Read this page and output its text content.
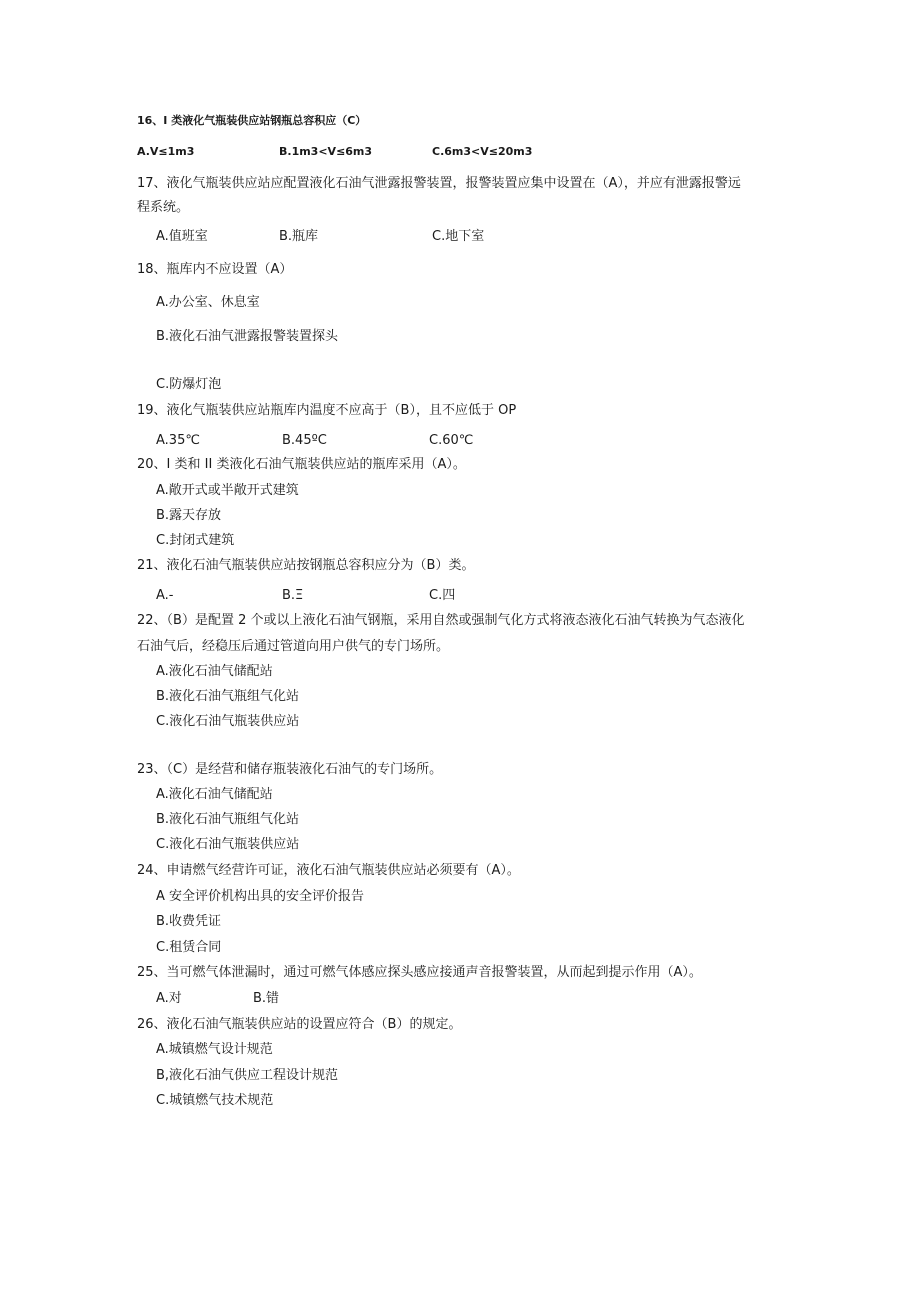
16、I 类液化气瓶装供应站钢瓶总容积应（C）
A.V≤1m3	B.1m3<V≤6m3	C.6m3<V≤20m3
17、液化气瓶装供应站应配置液化石油气泄露报警装置，报警装置应集中设置在（A），并应有泄露报警远
程系统。
A.值班室	B.瓶库	C.地下室
18、瓶库内不应设置（A）
A.办公室、休息室
B.液化石油气泄露报警装置探头
C.防爆灯泡
19、液化气瓶装供应站瓶库内温度不应高于（B），且不应低于 OP
A.35℃	B.45ºC	C.60℃
20、I 类和 II 类液化石油气瓶装供应站的瓶库采用（A）。
A.敞开式或半敞开式建筑
B.露天存放
C.封闭式建筑
21、液化石油气瓶装供应站按钢瓶总容积应分为（B）类。
A.-	B.Ξ	C.四
22、（B）是配置 2 个或以上液化石油气钢瓶，采用自然或强制气化方式将液态液化石油气转换为气态液化
石油气后，经稳压后通过管道向用户供气的专门场所。
A.液化石油气储配站
B.液化石油气瓶组气化站
C.液化石油气瓶装供应站
23、（C）是经营和储存瓶装液化石油气的专门场所。
A.液化石油气储配站
B.液化石油气瓶组气化站
C.液化石油气瓶装供应站
24、申请燃气经营许可证，液化石油气瓶装供应站必须要有（A）。
A 安全评价机构出具的安全评价报告
B.收费凭证
C.租赁合同
25、当可燃气体泄漏时，通过可燃气体感应探头感应接通声音报警装置，从而起到提示作用（A）。
A.对	B.错
26、液化石油气瓶装供应站的设置应符合（B）的规定。
A.城镇燃气设计规范
B,液化石油气供应工程设计规范
C.城镇燃气技术规范
